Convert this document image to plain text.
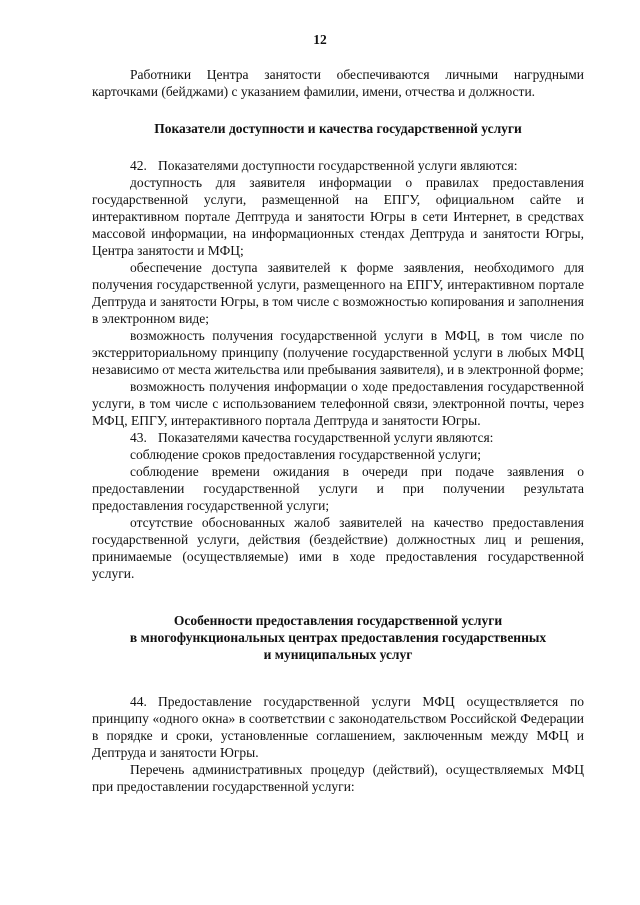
12

Работники Центра занятости обеспечиваются личными нагрудными карточками (бейджами) с указанием фамилии, имени, отчества и должности.

Показатели доступности и качества государственной услуги

42. Показателями доступности государственной услуги являются:

доступность для заявителя информации о правилах предоставления государственной услуги, размещенной на ЕПГУ, официальном сайте и интерактивном портале Дептруда и занятости Югры в сети Интернет, в средствах массовой информации, на информационных стендах Дептруда и занятости Югры, Центра занятости и МФЦ;

обеспечение доступа заявителей к форме заявления, необходимого для получения государственной услуги, размещенного на ЕПГУ, интерактивном портале Дептруда и занятости Югры, в том числе с возможностью копирования и заполнения в электронном виде;

возможность получения государственной услуги в МФЦ, в том числе по экстерриториальному принципу (получение государственной услуги в любых МФЦ независимо от места жительства или пребывания заявителя), и в электронной форме;

возможность получения информации о ходе предоставления государственной услуги, в том числе с использованием телефонной связи, электронной почты, через МФЦ, ЕПГУ, интерактивного портала Дептруда и занятости Югры.

43. Показателями качества государственной услуги являются:

соблюдение сроков предоставления государственной услуги;

соблюдение времени ожидания в очереди при подаче заявления о предоставлении государственной услуги и при получении результата предоставления государственной услуги;

отсутствие обоснованных жалоб заявителей на качество предоставления государственной услуги, действия (бездействие) должностных лиц и решения, принимаемые (осуществляемые) ими в ходе предоставления государственной услуги.

Особенности предоставления государственной услуги
в многофункциональных центрах предоставления государственных
и муниципальных услуг

44. Предоставление государственной услуги МФЦ осуществляется по принципу «одного окна» в соответствии с законодательством Российской Федерации в порядке и сроки, установленные соглашением, заключенным между МФЦ и Дептруда и занятости Югры.

Перечень административных процедур (действий), осуществляемых МФЦ при предоставлении государственной услуги:
